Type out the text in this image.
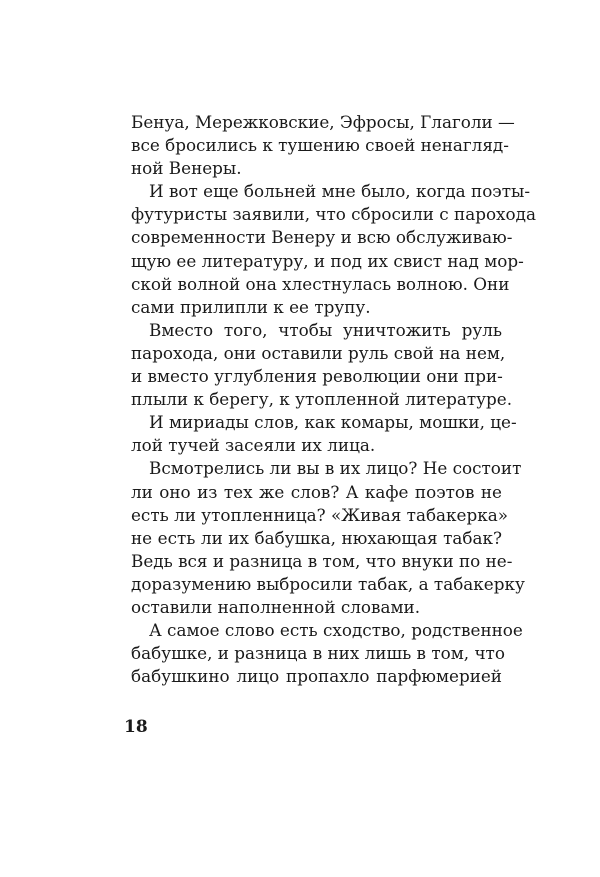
Бенуа, Мережковские, Эфросы, Глаголи —
все бросились к тушению своей ненагляд-
ной Венеры.
И вот еще больней мне было, когда поэты-
футуристы заявили, что сбросили с парохода
современности Венеру и всю обслуживаю-
щую ее литературу, и под их свист над мор-
ской волной она хлестнулась волною. Они
сами прилипли к ее трупу.
Вместо того, чтобы уничтожить руль
парохода, они оставили руль свой на нем,
и вместо углубления революции они при-
плыли к берегу, к утопленной литературе.
И мириады слов, как комары, мошки, це-
лой тучей засеяли их лица.
Всмотрелись ли вы в их лицо? Не состоит
ли оно из тех же слов? А кафе поэтов не
есть ли утопленница? «Живая табакерка»
не есть ли их бабушка, нюхающая табак?
Ведь вся и разница в том, что внуки по не-
доразумению выбросили табак, а табакерку
оставили наполненной словами.
А самое слово есть сходство, родственное
бабушке, и разница в них лишь в том, что
бабушкино лицо пропахло парфюмерией
18
